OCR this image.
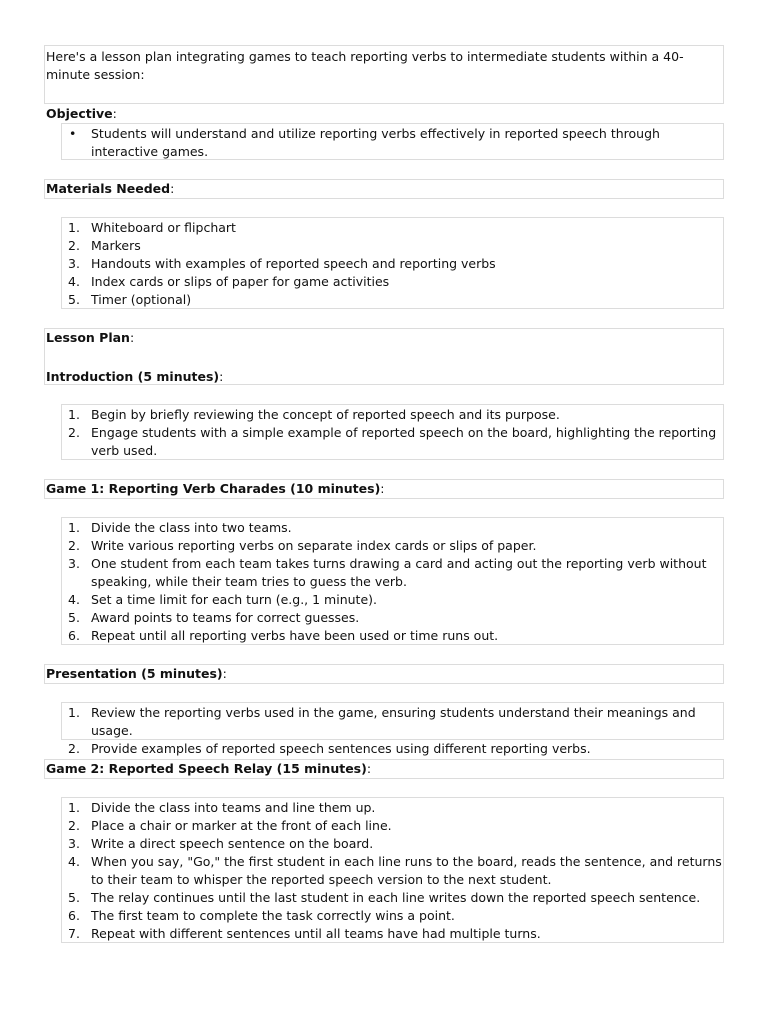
Here's a lesson plan integrating games to teach reporting verbs to intermediate students within a 40-minute session:

Objective:

• Students will understand and utilize reporting verbs effectively in reported speech through interactive games.

Materials Needed:

1. Whiteboard or flipchart
2. Markers
3. Handouts with examples of reported speech and reporting verbs
4. Index cards or slips of paper for game activities
5. Timer (optional)

Lesson Plan:

Introduction (5 minutes):

1. Begin by briefly reviewing the concept of reported speech and its purpose.
2. Engage students with a simple example of reported speech on the board, highlighting the reporting verb used.

Game 1: Reporting Verb Charades (10 minutes):

1. Divide the class into two teams.
2. Write various reporting verbs on separate index cards or slips of paper.
3. One student from each team takes turns drawing a card and acting out the reporting verb without speaking, while their team tries to guess the verb.
4. Set a time limit for each turn (e.g., 1 minute).
5. Award points to teams for correct guesses.
6. Repeat until all reporting verbs have been used or time runs out.

Presentation (5 minutes):

1. Review the reporting verbs used in the game, ensuring students understand their meanings and usage.
2. Provide examples of reported speech sentences using different reporting verbs.

Game 2: Reported Speech Relay (15 minutes):

1. Divide the class into teams and line them up.
2. Place a chair or marker at the front of each line.
3. Write a direct speech sentence on the board.
4. When you say, "Go," the first student in each line runs to the board, reads the sentence, and returns to their team to whisper the reported speech version to the next student.
5. The relay continues until the last student in each line writes down the reported speech sentence.
6. The first team to complete the task correctly wins a point.
7. Repeat with different sentences until all teams have had multiple turns.
